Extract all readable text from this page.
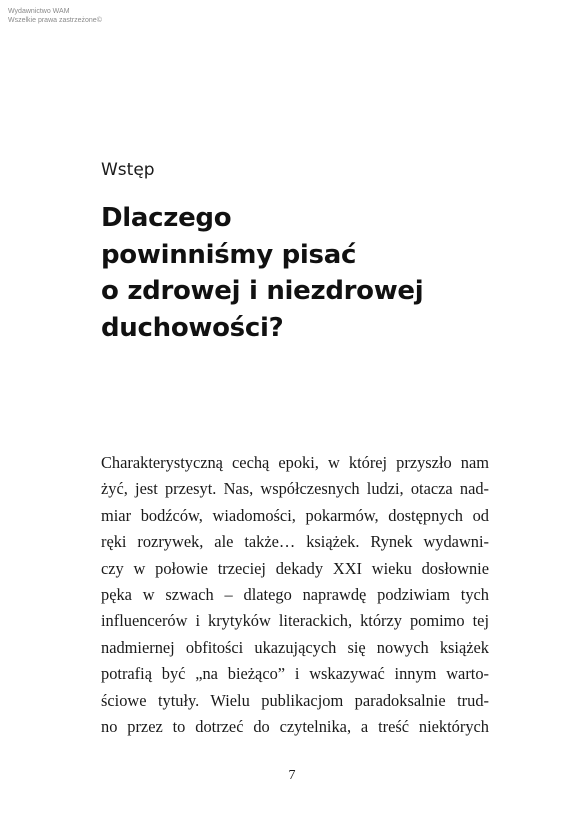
Wydawnictwo WAM
Wszelkie prawa zastrzeżone©
Wstęp
Dlaczego
powinniśmy pisać
o zdrowej i niezdrowej
duchowości?
Charakterystyczną cechą epoki, w której przyszło nam
żyć, jest przesyt. Nas, współczesnych ludzi, otacza nad-
miar bodźców, wiadomości, pokarmów, dostępnych od
ręki rozrywek, ale także… książek. Rynek wydawni-
czy w połowie trzeciej dekady XXI wieku dosłownie
pęka w szwach – dlatego naprawdę podziwiam tych
influencerów i krytyków literackich, którzy pomimo tej
nadmiernej obfitości ukazujących się nowych książek
potrafią być „na bieżąco” i wskazywać innym warto-
ściowe tytuły. Wielu publikacjom paradoksalnie trud-
no przez to dotrzeć do czytelnika, a treść niektórych
7
